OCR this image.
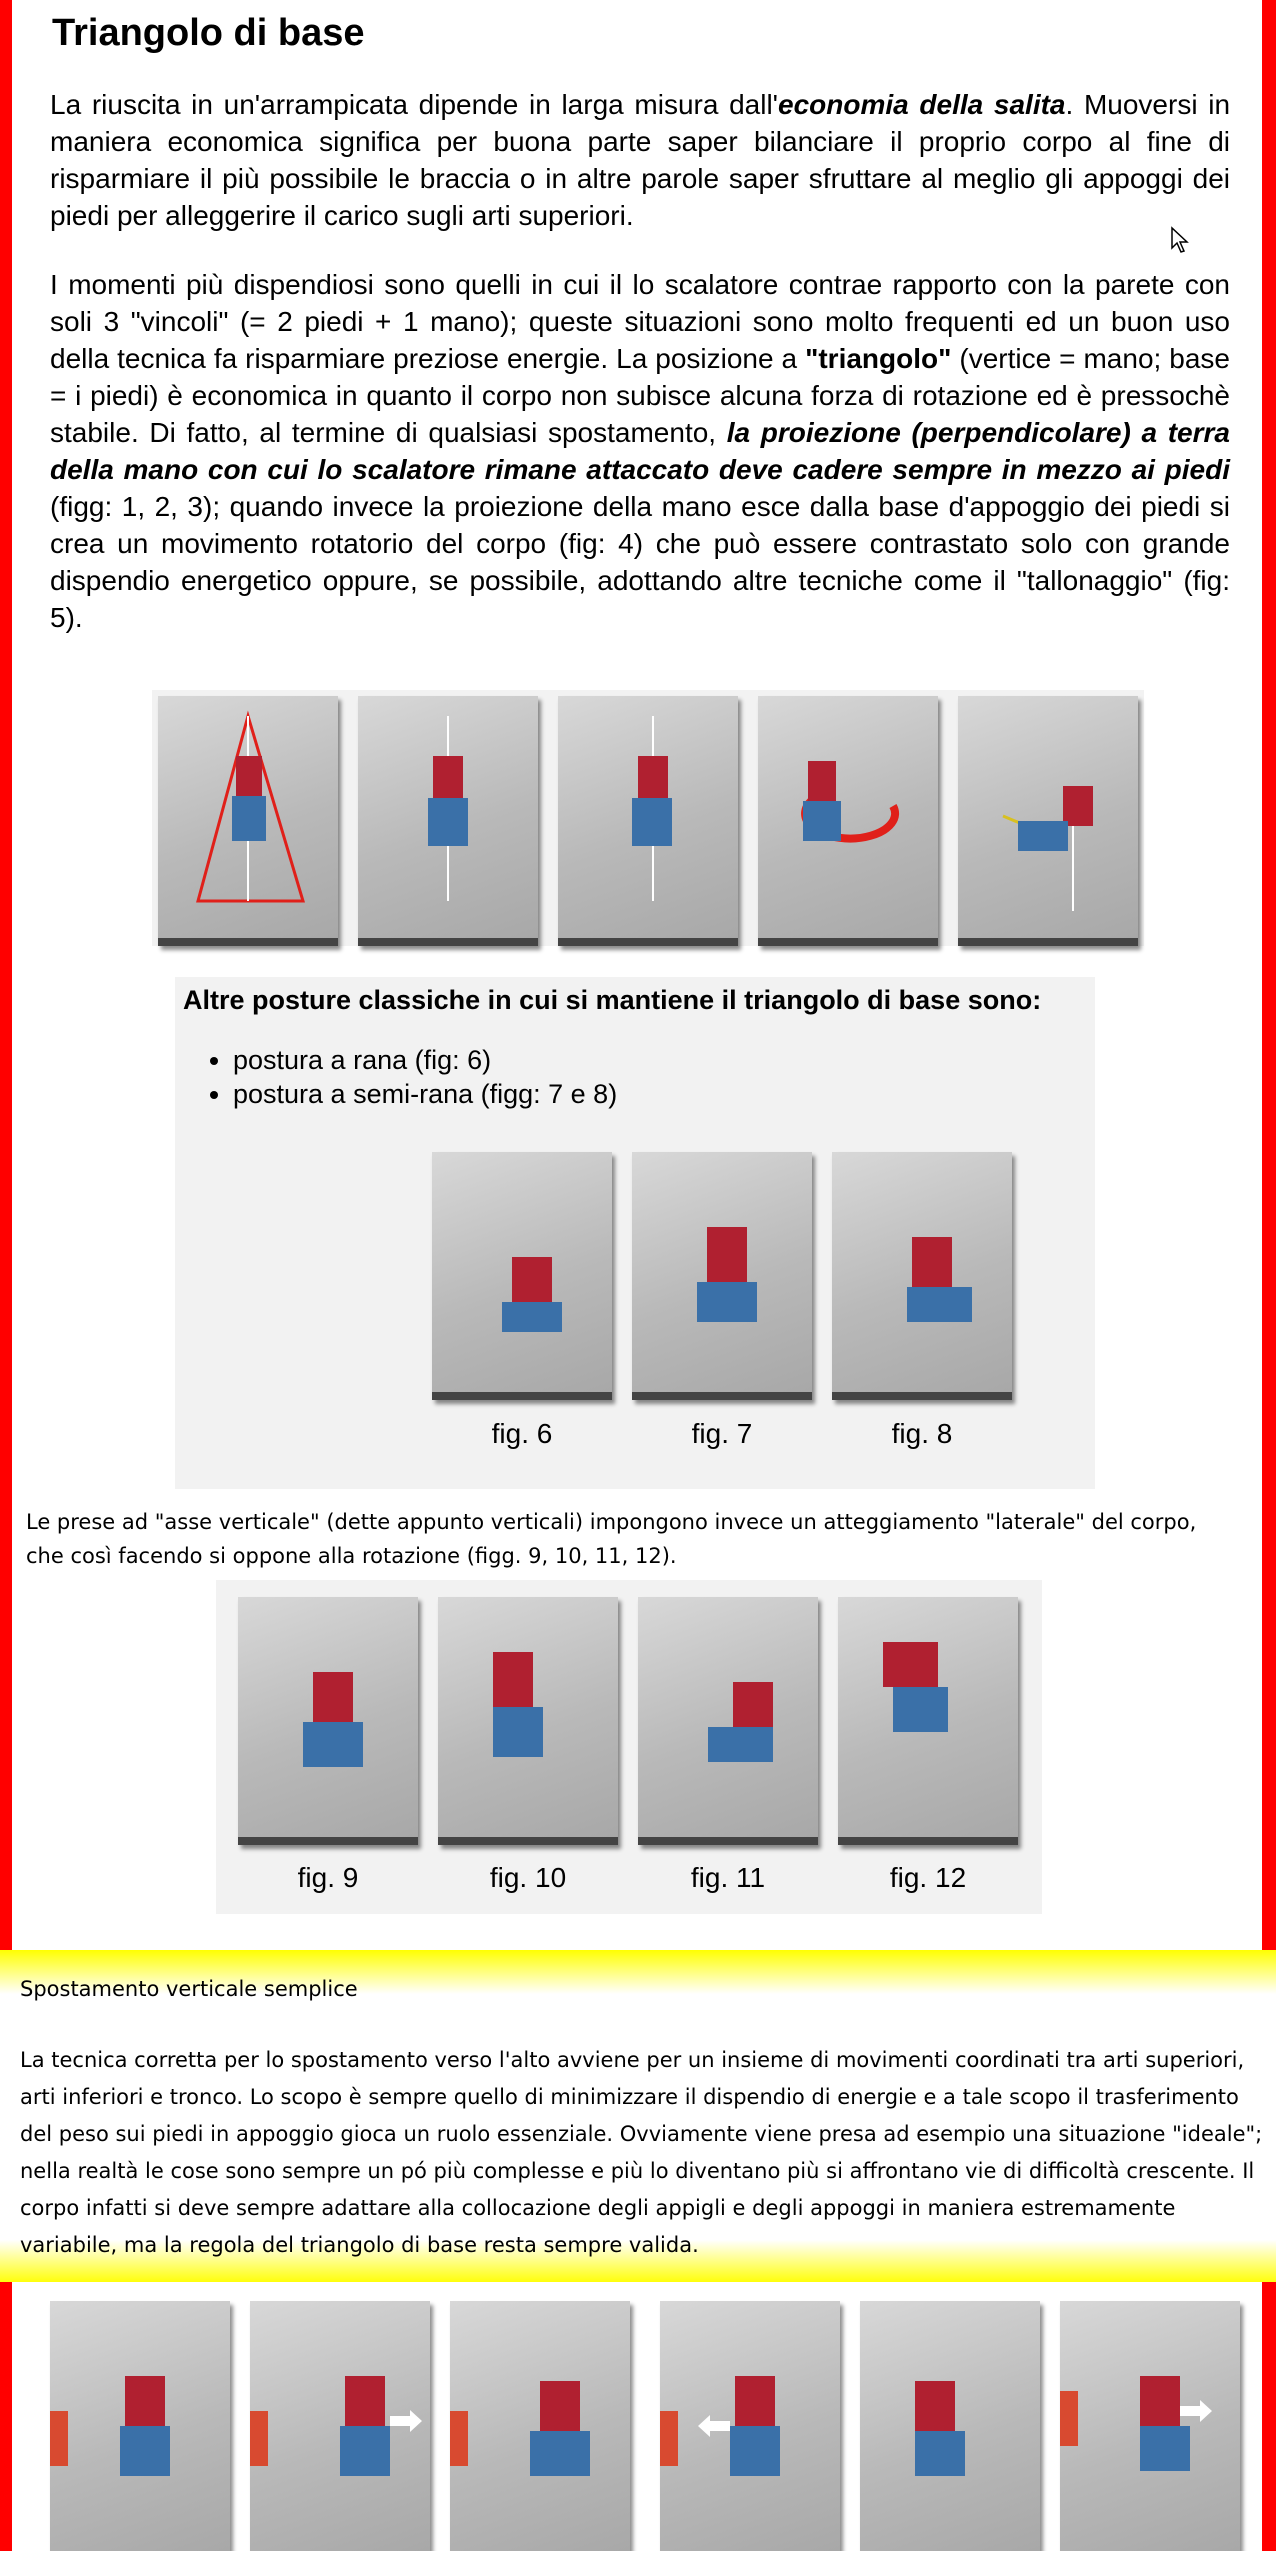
Triangolo di base
La riuscita in un'arrampicata dipende in larga misura dall'economia della salita. Muoversi in maniera economica significa per buona parte saper bilanciare il proprio corpo al fine di risparmiare il più possibile le braccia o in altre parole saper sfruttare al meglio gli appoggi dei piedi per alleggerire il carico sugli arti superiori.
I momenti più dispendiosi sono quelli in cui il lo scalatore contrae rapporto con la parete con soli 3 "vincoli" (= 2 piedi + 1 mano); queste situazioni sono molto frequenti ed un buon uso della tecnica fa risparmiare preziose energie. La posizione a "triangolo" (vertice = mano; base = i piedi) è economica in quanto il corpo non subisce alcuna forza di rotazione ed è pressochè stabile. Di fatto, al termine di qualsiasi spostamento, la proiezione (perpendicolare) a terra della mano con cui lo scalatore rimane attaccato deve cadere sempre in mezzo ai piedi (figg: 1, 2, 3); quando invece la proiezione della mano esce dalla base d'appoggio dei piedi si crea un movimento rotatorio del corpo (fig: 4) che può essere contrastato solo con grande dispendio energetico oppure, se possibile, adottando altre tecniche come il "tallonaggio" (fig: 5).
Altre posture classiche in cui si mantiene il triangolo di base sono:
• postura a rana (fig: 6)
• postura a semi-rana (figg: 7 e 8)
fig. 6	fig. 7	fig. 8
Le prese ad "asse verticale" (dette appunto verticali) impongono invece un atteggiamento "laterale" del corpo, che così facendo si oppone alla rotazione (figg. 9, 10, 11, 12).
fig. 9	fig. 10	fig. 11	fig. 12
Spostamento verticale semplice
La tecnica corretta per lo spostamento verso l'alto avviene per un insieme di movimenti coordinati tra arti superiori, arti inferiori e tronco. Lo scopo è sempre quello di minimizzare il dispendio di energie e a tale scopo il trasferimento del peso sui piedi in appoggio gioca un ruolo essenziale. Ovviamente viene presa ad esempio una situazione "ideale"; nella realtà le cose sono sempre un pó più complesse e più lo diventano più si affrontano vie di difficoltà crescente. Il corpo infatti si deve sempre adattare alla collocazione degli appigli e degli appoggi in maniera estremamente variabile, ma la regola del triangolo di base resta sempre valida.
